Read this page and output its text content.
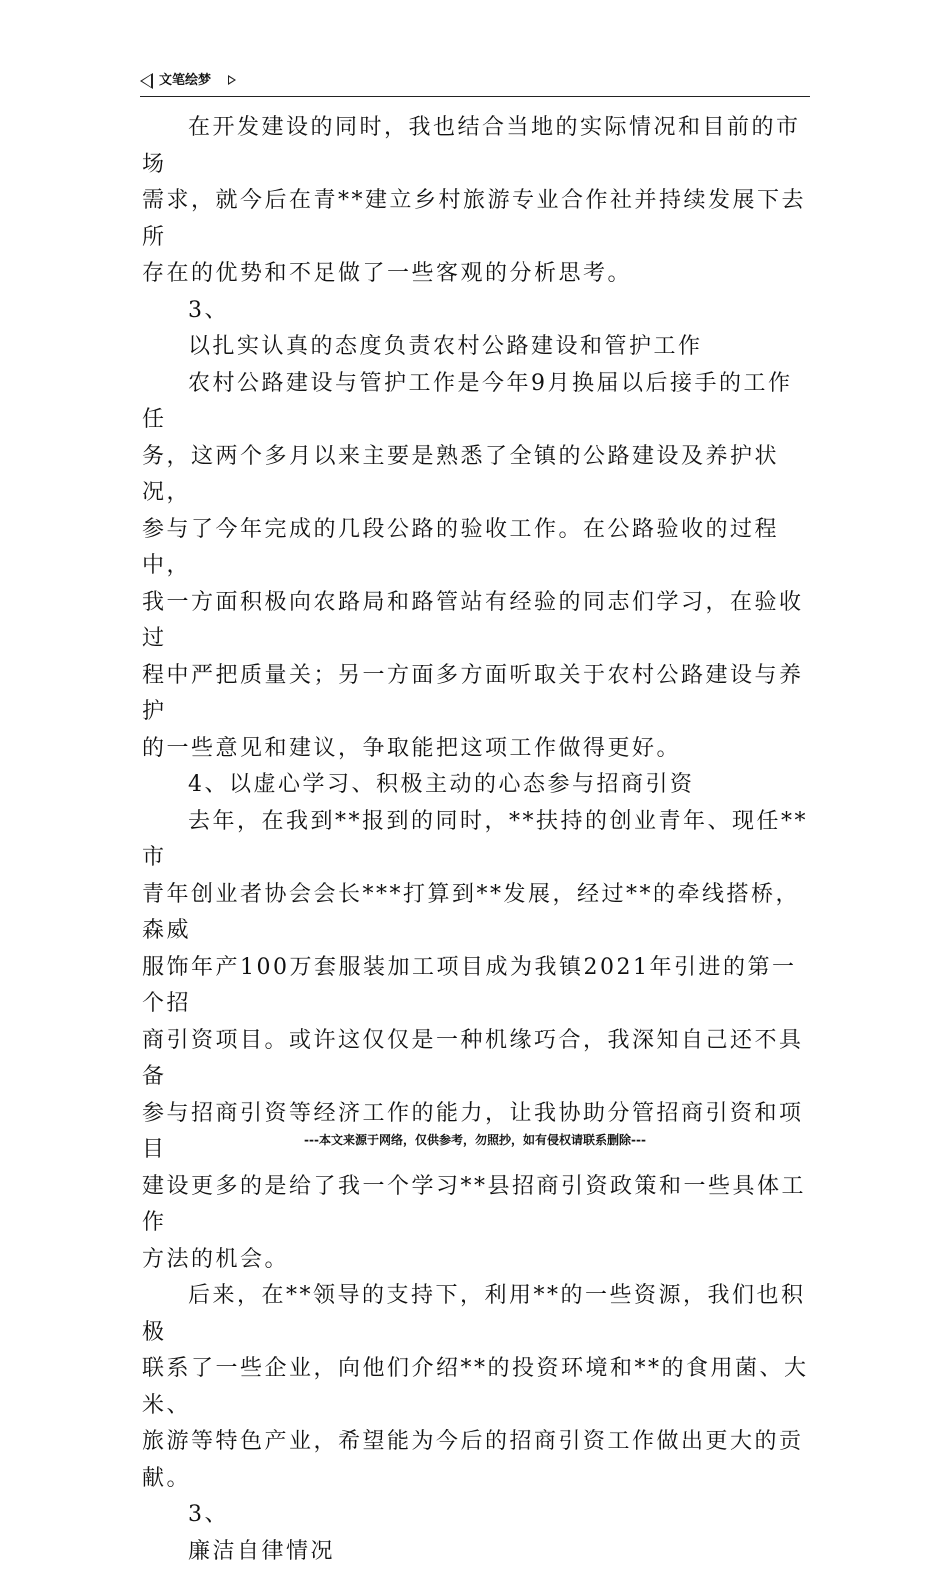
文笔绘梦

在开发建设的同时，我也结合当地的实际情况和目前的市场

需求，就今后在青**建立乡村旅游专业合作社并持续发展下去所

存在的优势和不足做了一些客观的分析思考。

3、

以扎实认真的态度负责农村公路建设和管护工作

农村公路建设与管护工作是今年9月换届以后接手的工作任

务，这两个多月以来主要是熟悉了全镇的公路建设及养护状况，

参与了今年完成的几段公路的验收工作。在公路验收的过程中，

我一方面积极向农路局和路管站有经验的同志们学习，在验收过

程中严把质量关；另一方面多方面听取关于农村公路建设与养护

的一些意见和建议，争取能把这项工作做得更好。

4、以虚心学习、积极主动的心态参与招商引资

去年，在我到**报到的同时，**扶持的创业青年、现任**市

青年创业者协会会长***打算到**发展，经过**的牵线搭桥，森威

服饰年产100万套服装加工项目成为我镇2021年引进的第一个招

商引资项目。或许这仅仅是一种机缘巧合，我深知自己还不具备

参与招商引资等经济工作的能力，让我协助分管招商引资和项目

建设更多的是给了我一个学习**县招商引资政策和一些具体工作

方法的机会。

后来，在**领导的支持下，利用**的一些资源，我们也积极

联系了一些企业，向他们介绍**的投资环境和**的食用菌、大米、

旅游等特色产业，希望能为今后的招商引资工作做出更大的贡献。

3、

廉洁自律情况

---本文来源于网络，仅供参考，勿照抄，如有侵权请联系删除---
